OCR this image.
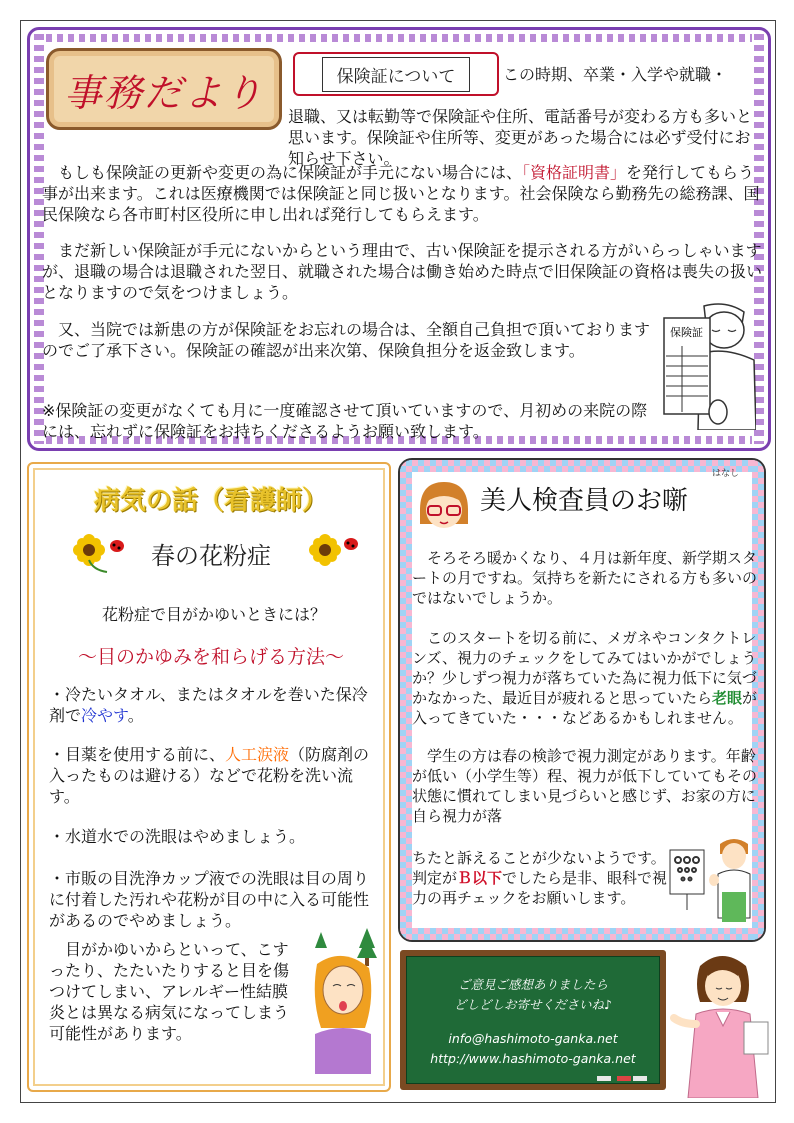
事務だより	保険証について	この時期、卒業・入学や就職・
退職、又は転勤等で保険証や住所、電話番号が変わる方も多いと思います。保険証や住所等、変更があった場合には必ず受付にお知らせ下さい。
もしも保険証の更新や変更の為に保険証が手元にない場合には、「資格証明書」を発行してもらう事が出来ます。これは医療機関では保険証と同じ扱いとなります。社会保険なら勤務先の総務課、国民保険なら各市町村区役所に申し出れば発行してもらえます。
まだ新しい保険証が手元にないからという理由で、古い保険証を提示される方がいらっしゃいますが、退職の場合は退職された翌日、就職された場合は働き始めた時点で旧保険証の資格は喪失の扱いとなりますので気をつけましょう。
又、当院では新患の方が保険証をお忘れの場合は、全額自己負担で頂いておりますのでご了承下さい。保険証の確認が出来次第、保険負担分を返金致します。
※保険証の変更がなくても月に一度確認させて頂いていますので、月初めの来院の際には、忘れずに保険証をお持ちくださるようお願い致します。
保険証
病気の話（看護師）
春の花粉症
花粉症で目がかゆいときには？
～目のかゆみを和らげる方法～
・冷たいタオル、またはタオルを巻いた保冷剤で冷やす。
・目薬を使用する前に、人工涙液（防腐剤の入ったものは避ける）などで花粉を洗い流す。
・水道水での洗眼はやめましょう。
・市販の目洗浄カップ液での洗眼は目の周りに付着した汚れや花粉が目の中に入る可能性があるのでやめましょう。
目がかゆいからといって、こすったり、たたいたりすると目を傷つけてしまい、アレルギー性結膜炎とは異なる病気になってしまう可能性があります。
はなし
美人検査員のお噺
そろそろ暖かくなり、４月は新年度、新学期スタートの月ですね。気持ちを新たにされる方も多いのではないでしょうか。
このスタートを切る前に、メガネやコンタクトレンズ、視力のチェックをしてみてはいかがでしょうか？少しずつ視力が落ちていた為に視力低下に気づかなかった、最近目が疲れると思っていたら老眼が入ってきていた・・・などあるかもしれません。
学生の方は春の検診で視力測定があります。年齢が低い（小学生等）程、視力が低下していてもその状態に慣れてしまい見づらいと感じず、お家の方に自ら視力が落
ちたと訴えることが少ないようです。判定がＢ以下でしたら是非、眼科で視力の再チェックをお願いします。
ご意見ご感想ありましたら
どしどしお寄せくださいね♪
info@hashimoto-ganka.net
http://www.hashimoto-ganka.net
